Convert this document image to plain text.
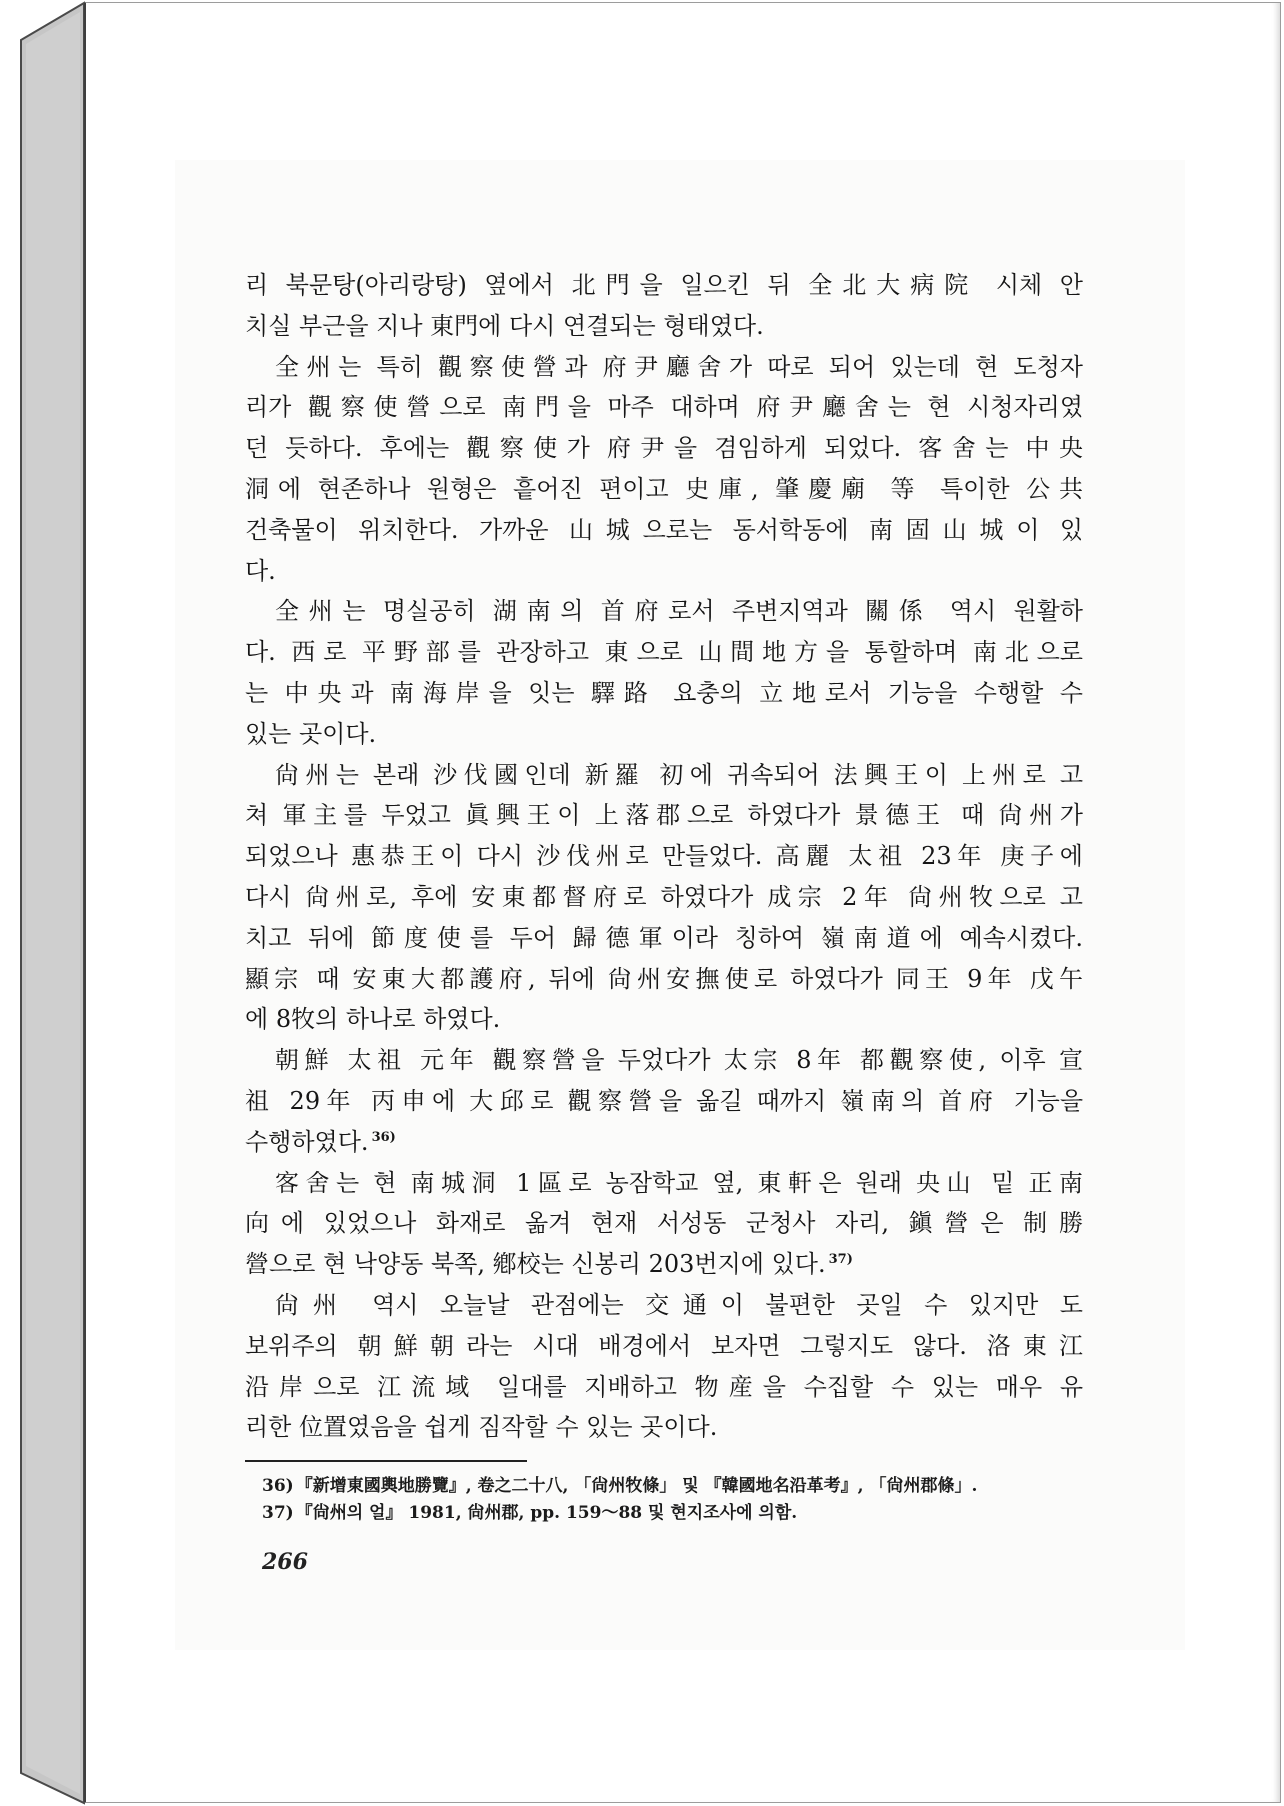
리 북문탕(아리랑탕) 옆에서 北門을 일으킨 뒤 全北大病院 시체 안
치실 부근을 지나 東門에 다시 연결되는 형태였다.
全州는 특히 觀察使營과 府尹廳舍가 따로 되어 있는데 현 도청자
리가 觀察使營으로 南門을 마주 대하며 府尹廳舍는 현 시청자리였
던 듯하다. 후에는 觀察使가 府尹을 겸임하게 되었다. 客舍는 中央
洞에 현존하나 원형은 흩어진 편이고 史庫, 肇慶廟 等 특이한 公共
건축물이 위치한다. 가까운 山城으로는 동서학동에 南固山城이 있
다.
全州는 명실공히 湖南의 首府로서 주변지역과 關係 역시 원활하
다. 西로 平野部를 관장하고 東으로 山間地方을 통할하며 南北으로
는 中央과 南海岸을 잇는 驛路 요충의 立地로서 기능을 수행할 수
있는 곳이다.
尙州는 본래 沙伐國인데 新羅 初에 귀속되어 法興王이 上州로 고
쳐 軍主를 두었고 眞興王이 上落郡으로 하였다가 景德王 때 尙州가
되었으나 惠恭王이 다시 沙伐州로 만들었다. 高麗 太祖 23年 庚子에
다시 尙州로, 후에 安東都督府로 하였다가 成宗 2年 尙州牧으로 고
치고 뒤에 節度使를 두어 歸德軍이라 칭하여 嶺南道에 예속시켰다.
顯宗 때 安東大都護府, 뒤에 尙州安撫使로 하였다가 同王 9年 戊午
에 8牧의 하나로 하였다.
朝鮮 太祖 元年 觀察營을 두었다가 太宗 8年 都觀察使, 이후 宣
祖 29年 丙申에 大邱로 觀察營을 옮길 때까지 嶺南의 首府 기능을
수행하였다. $^{36)}$
客舍는 현 南城洞 1區로 농잠학교 옆, 東軒은 원래 央山 밑 正南
向에 있었으나 화재로 옮겨 현재 서성동 군청사 자리, 鎭營은 制勝
營으로 현 낙양동 북쪽, 鄕校는 신봉리 203번지에 있다. $^{37)}$
尙州 역시 오늘날 관점에는 交通이 불편한 곳일 수 있지만 도
보위주의 朝鮮朝라는 시대 배경에서 보자면 그렇지도 않다. 洛東江
沿岸으로 江流域 일대를 지배하고 物産을 수집할 수 있는 매우 유
리한 位置였음을 쉽게 짐작할 수 있는 곳이다.
36) 『新增東國輿地勝覽』, 卷之二十八, 「尙州牧條」 및 『韓國地名沿革考』, 「尙州郡條」.
37) 『尙州의 얼』 1981, 尙州郡, pp. 159～88 및 현지조사에 의함.
266
